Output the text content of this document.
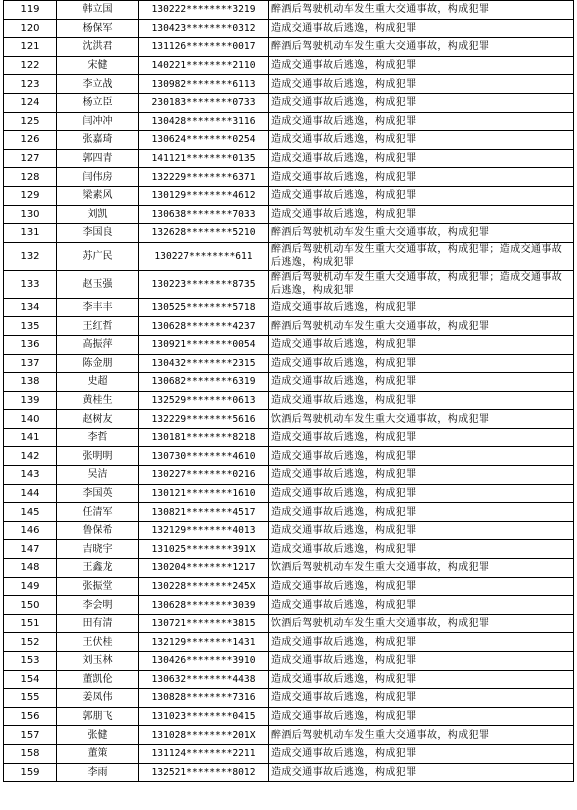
119	韩立国	130222********3219	醉酒后驾驶机动车发生重大交通事故，构成犯罪
120	杨保军	130423********0312	造成交通事故后逃逸，构成犯罪
121	沈洪君	131126********0017	醉酒后驾驶机动车发生重大交通事故，构成犯罪
122	宋健	140221********2110	造成交通事故后逃逸，构成犯罪
123	李立战	130982********6113	造成交通事故后逃逸，构成犯罪
124	杨立臣	230183********0733	造成交通事故后逃逸，构成犯罪
125	闫冲冲	130428********3116	造成交通事故后逃逸，构成犯罪
126	张嘉琦	130624********0254	造成交通事故后逃逸，构成犯罪
127	郭四青	141121********0135	造成交通事故后逃逸，构成犯罪
128	闫伟房	132229********6371	造成交通事故后逃逸，构成犯罪
129	梁素风	130129********4612	造成交通事故后逃逸，构成犯罪
130	刘凯	130638********7033	造成交通事故后逃逸，构成犯罪
131	李国良	132628********5210	醉酒后驾驶机动车发生重大交通事故，构成犯罪
132	苏广民	130227********611	醉酒后驾驶机动车发生重大交通事故，构成犯罪；造成交通事故后逃逸，构成犯罪
133	赵玉强	130223********8735	醉酒后驾驶机动车发生重大交通事故，构成犯罪；造成交通事故后逃逸，构成犯罪
134	李丰丰	130525********5718	造成交通事故后逃逸，构成犯罪
135	王红哲	130628********4237	醉酒后驾驶机动车发生重大交通事故，构成犯罪
136	高振萍	130921********0054	造成交通事故后逃逸，构成犯罪
137	陈金朋	130432********2315	造成交通事故后逃逸，构成犯罪
138	史超	130682********6319	造成交通事故后逃逸，构成犯罪
139	黄桂生	132529********0613	造成交通事故后逃逸，构成犯罪
140	赵树友	132229********5616	饮酒后驾驶机动车发生重大交通事故，构成犯罪
141	李哲	130181********8218	造成交通事故后逃逸，构成犯罪
142	张明明	130730********4610	造成交通事故后逃逸，构成犯罪
143	吴洁	130227********0216	造成交通事故后逃逸，构成犯罪
144	李国英	130121********1610	造成交通事故后逃逸，构成犯罪
145	任清军	130821********4517	造成交通事故后逃逸，构成犯罪
146	鲁保希	132129********4013	造成交通事故后逃逸，构成犯罪
147	吉晓宇	131025********391X	造成交通事故后逃逸，构成犯罪
148	王鑫龙	130204********1217	饮酒后驾驶机动车发生重大交通事故，构成犯罪
149	张振堂	130228********245X	造成交通事故后逃逸，构成犯罪
150	李会明	130628********3039	造成交通事故后逃逸，构成犯罪
151	田有清	130721********3815	饮酒后驾驶机动车发生重大交通事故，构成犯罪
152	王伏桂	132129********1431	造成交通事故后逃逸，构成犯罪
153	刘玉林	130426********3910	造成交通事故后逃逸，构成犯罪
154	董凯伦	130632********4438	造成交通事故后逃逸，构成犯罪
155	姜凤伟	130828********7316	造成交通事故后逃逸，构成犯罪
156	郭朋飞	131023********0415	造成交通事故后逃逸，构成犯罪
157	张健	131028********201X	醉酒后驾驶机动车发生重大交通事故，构成犯罪
158	董策	131124********2211	造成交通事故后逃逸，构成犯罪
159	李雨	132521********8012	造成交通事故后逃逸，构成犯罪
